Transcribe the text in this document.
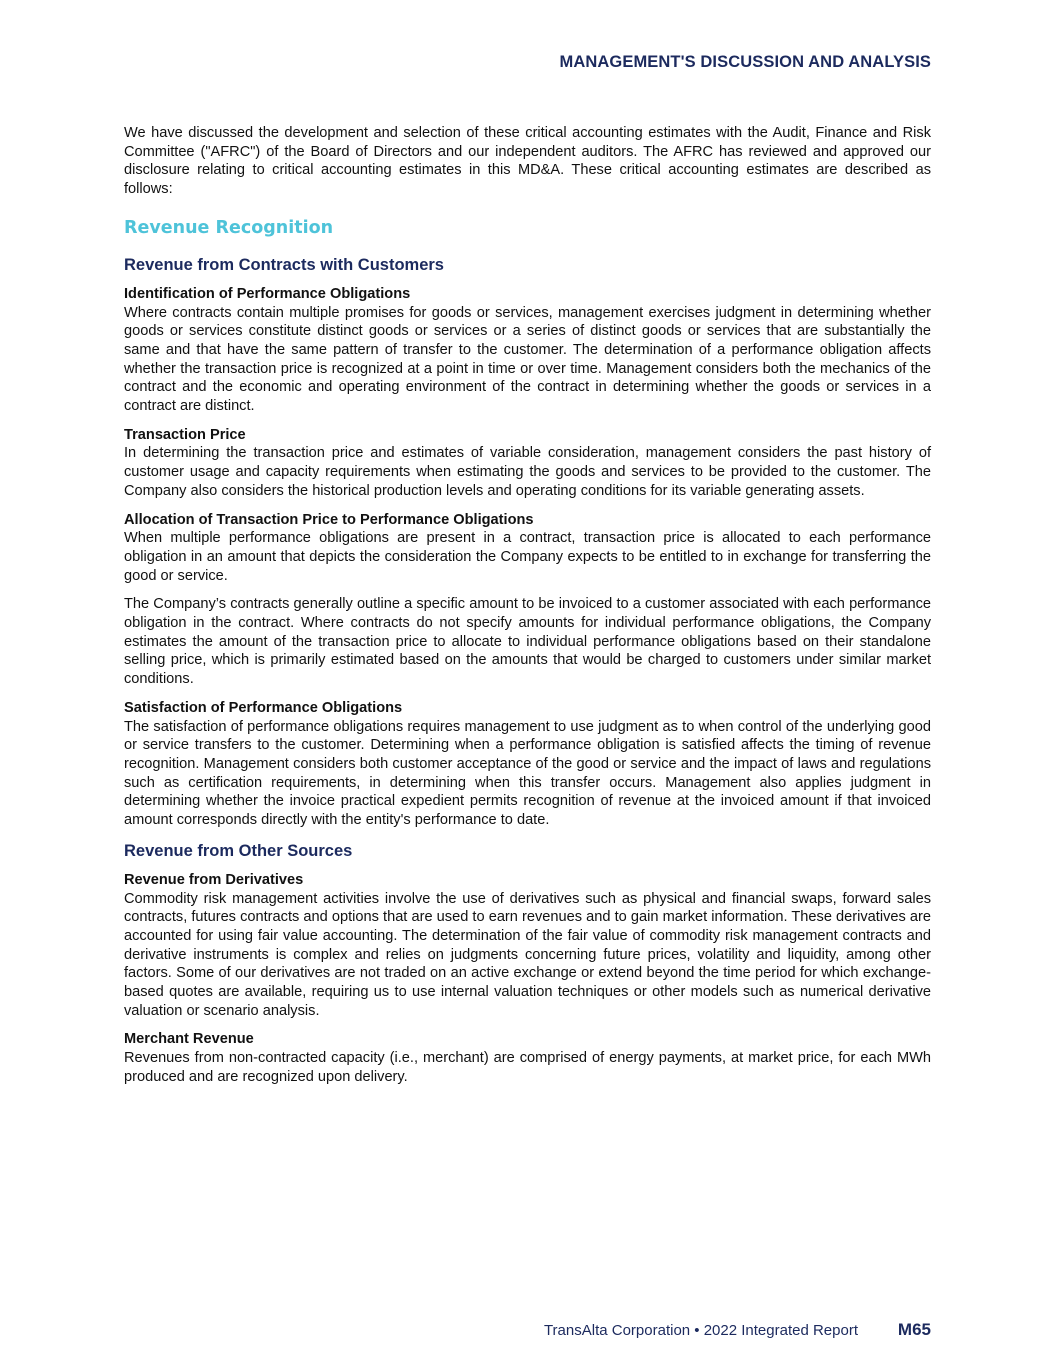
MANAGEMENT'S DISCUSSION AND ANALYSIS

We have discussed the development and selection of these critical accounting estimates with the Audit, Finance and Risk Committee ("AFRC") of the Board of Directors and our independent auditors. The AFRC has reviewed and approved our disclosure relating to critical accounting estimates in this MD&A. These critical accounting estimates are described as follows:

Revenue Recognition
Revenue from Contracts with Customers
Identification of Performance Obligations

Where contracts contain multiple promises for goods or services, management exercises judgment in determining whether goods or services constitute distinct goods or services or a series of distinct goods or services that are substantially the same and that have the same pattern of transfer to the customer. The determination of a performance obligation affects whether the transaction price is recognized at a point in time or over time. Management considers both the mechanics of the contract and the economic and operating environment of the contract in determining whether the goods or services in a contract are distinct.

Transaction Price

In determining the transaction price and estimates of variable consideration, management considers the past history of customer usage and capacity requirements when estimating the goods and services to be provided to the customer. The Company also considers the historical production levels and operating conditions for its variable generating assets.

Allocation of Transaction Price to Performance Obligations

When multiple performance obligations are present in a contract, transaction price is allocated to each performance obligation in an amount that depicts the consideration the Company expects to be entitled to in exchange for transferring the good or service.

The Company’s contracts generally outline a specific amount to be invoiced to a customer associated with each performance obligation in the contract. Where contracts do not specify amounts for individual performance obligations, the Company estimates the amount of the transaction price to allocate to individual performance obligations based on their standalone selling price, which is primarily estimated based on the amounts that would be charged to customers under similar market conditions.

Satisfaction of Performance Obligations

The satisfaction of performance obligations requires management to use judgment as to when control of the underlying good or service transfers to the customer. Determining when a performance obligation is satisfied affects the timing of revenue recognition. Management considers both customer acceptance of the good or service and the impact of laws and regulations such as certification requirements, in determining when this transfer occurs. Management also applies judgment in determining whether the invoice practical expedient permits recognition of revenue at the invoiced amount if that invoiced amount corresponds directly with the entity's performance to date.

Revenue from Other Sources
Revenue from Derivatives

Commodity risk management activities involve the use of derivatives such as physical and financial swaps, forward sales contracts, futures contracts and options that are used to earn revenues and to gain market information. These derivatives are accounted for using fair value accounting. The determination of the fair value of commodity risk management contracts and derivative instruments is complex and relies on judgments concerning future prices, volatility and liquidity, among other factors. Some of our derivatives are not traded on an active exchange or extend beyond the time period for which exchange-based quotes are available, requiring us to use internal valuation techniques or other models such as numerical derivative valuation or scenario analysis.

Merchant Revenue

Revenues from non-contracted capacity (i.e., merchant) are comprised of energy payments, at market price, for each MWh produced and are recognized upon delivery.

TransAlta Corporation • 2022 Integrated Report M65
